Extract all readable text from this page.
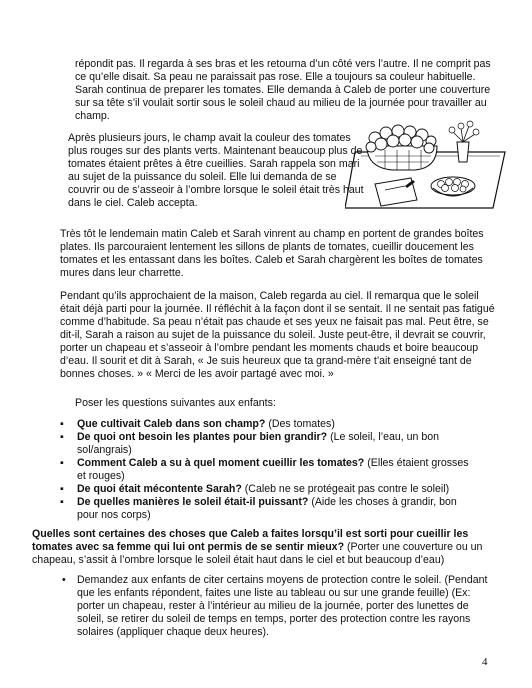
répondit pas. Il regarda à ses bras et les retourna d’un côté vers l’autre. Il ne comprit pas ce qu’elle disait. Sa peau ne paraissait pas rose. Elle a toujours sa couleur habituelle. Sarah continua de preparer les tomates. Elle demanda à Caleb de porter une couverture sur sa tête s’il voulait sortir sous le soleil chaud au milieu de la journée pour travailler au champ.

Après plusieurs jours, le champ avait la couleur des tomates plus rouges sur des plants verts. Maintenant beaucoup plus de tomates étaient prêtes à être cueillies. Sarah rappela son mari au sujet de la puissance du soleil. Elle lui demanda de se couvrir ou de s’asseoir à l’ombre lorsque le soleil était très haut dans le ciel. Caleb accepta.

Très tôt le lendemain matin Caleb et Sarah vinrent au champ en portent de grandes boîtes plates. Ils parcouraient lentement les sillons de plants de tomates, cueillir doucement les tomates et les entassant dans les boîtes. Caleb et Sarah chargèrent les boîtes de tomates mures dans leur charrette.

Pendant qu’ils approchaient de la maison, Caleb regarda au ciel. Il remarqua que le soleil était déjà parti pour la journée. Il réfléchit à la façon dont il se sentait. Il ne sentait pas fatigué comme d’habitude. Sa peau n’était pas chaude et ses yeux ne faisait pas mal. Peut être, se dit-il, Sarah a raison au sujet de la puissance du soleil. Juste peut-être, il devrait se couvrir, porter un chapeau et s’asseoir à l’ombre pendant les moments chauds et boire beaucoup d’eau. Il sourit et dit à Sarah, « Je suis heureux que ta grand-mère t’ait enseigné tant de bonnes choses. » « Merci de les avoir partagé avec moi. »

Poser les questions suivantes aux enfants:

▪ Que cultivait Caleb dans son champ? (Des tomates)
▪ De quoi ont besoin les plantes pour bien grandir? (Le soleil, l’eau, un bon sol/angrais)
▪ Comment Caleb a su à quel moment cueillir les tomates? (Elles étaient grosses et rouges)
▪ De quoi était mécontente Sarah? (Caleb ne se protégeait pas contre le soleil)
▪ De quelles manières le soleil était-il puissant? (Aide les choses à grandir, bon pour nos corps)

Quelles sont certaines des choses que Caleb a faites lorsqu’il est sorti pour cueillir les tomates avec sa femme qui lui ont permis de se sentir mieux? (Porter une couverture ou un chapeau, s’assit à l’ombre lorsque le soleil était haut dans le ciel et but beaucoup d’eau)

• Demandez aux enfants de citer certains moyens de protection contre le soleil. (Pendant que les enfants répondent, faites une liste au tableau ou sur une grande feuille) (Ex: porter un chapeau, rester à l’intérieur au milieu de la journée, porter des lunettes de soleil, se retirer du soleil de temps en temps, porter des protection contre les rayons solaires (appliquer chaque deux heures).
4
